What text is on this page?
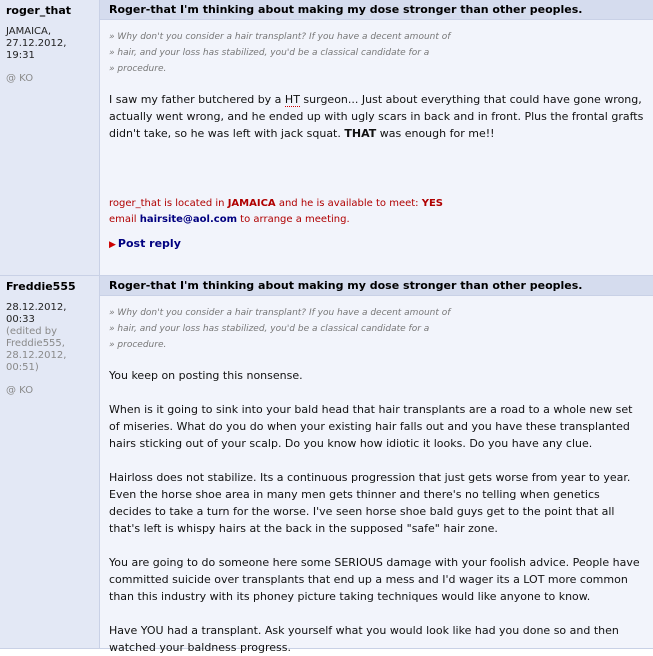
roger_that
JAMAICA,
27.12.2012,
19:31
@ KO
Roger-that I'm thinking about making my dose stronger than other peoples.
» Why don't you consider a hair transplant? If you have a decent amount of
» hair, and your loss has stabilized, you'd be a classical candidate for a
» procedure.
I saw my father butchered by a HT surgeon... Just about everything that could have gone wrong, actually went wrong, and he ended up with ugly scars in back and in front. Plus the frontal grafts didn't take, so he was left with jack squat. THAT was enough for me!!
roger_that is located in JAMAICA and he is available to meet: YES
email hairsite@aol.com to arrange a meeting.
▶ Post reply
Freddie555
28.12.2012,
00:33
(edited by
Freddie555,
28.12.2012,
00:51)
@ KO
Roger-that I'm thinking about making my dose stronger than other peoples.
» Why don't you consider a hair transplant? If you have a decent amount of
» hair, and your loss has stabilized, you'd be a classical candidate for a
» procedure.
You keep on posting this nonsense.
When is it going to sink into your bald head that hair transplants are a road to a whole new set of miseries. What do you do when your existing hair falls out and you have these transplanted hairs sticking out of your scalp. Do you know how idiotic it looks. Do you have any clue.
Hairloss does not stabilize. Its a continuous progression that just gets worse from year to year. Even the horse shoe area in many men gets thinner and there's no telling when genetics decides to take a turn for the worse. I've seen horse shoe bald guys get to the point that all that's left is whispy hairs at the back in the supposed "safe" hair zone.
You are going to do someone here some SERIOUS damage with your foolish advice. People have committed suicide over transplants that end up a mess and I'd wager its a LOT more common than this industry with its phoney picture taking techniques would like anyone to know.
Have YOU had a transplant. Ask yourself what you would look like had you done so and then watched your baldness progress.
